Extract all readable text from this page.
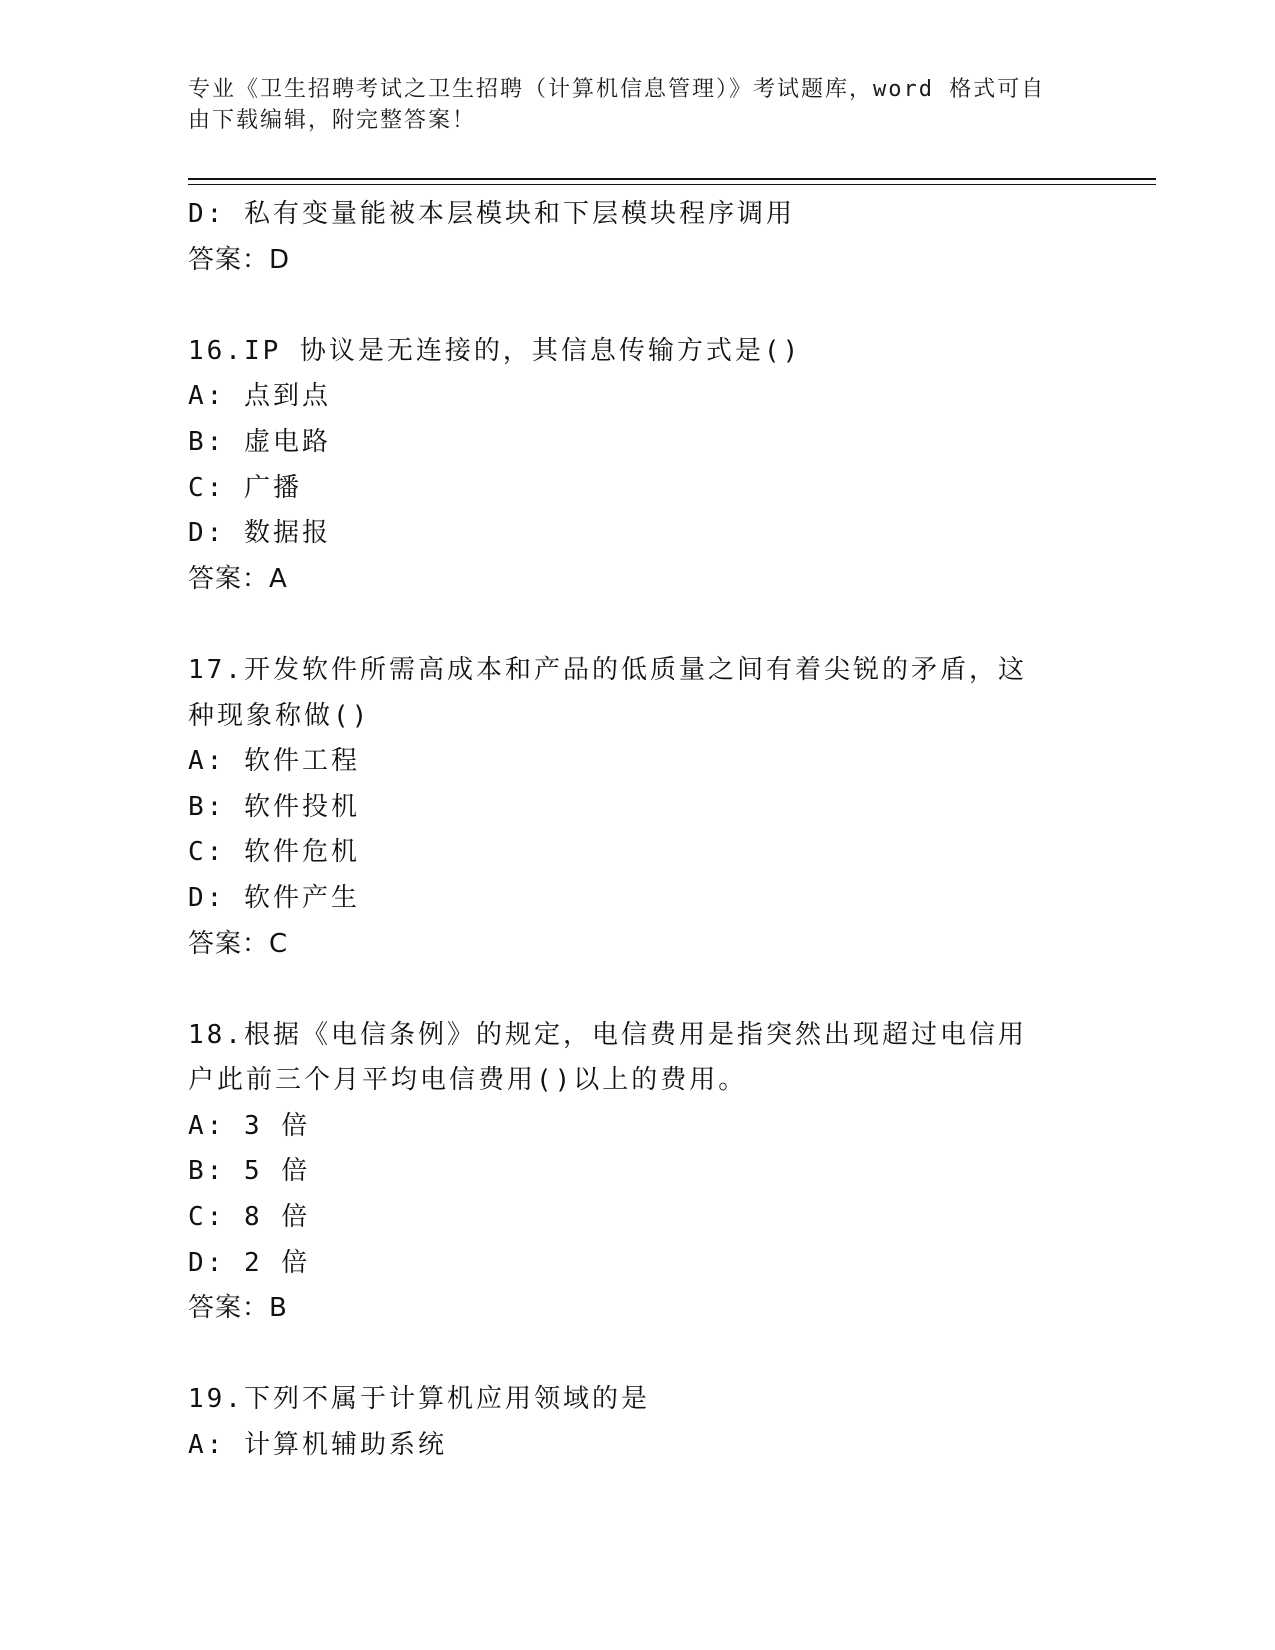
专业《卫生招聘考试之卫生招聘（计算机信息管理）》考试题库，word 格式可自由下载编辑，附完整答案！
D: 私有变量能被本层模块和下层模块程序调用
答案：D
16.IP 协议是无连接的，其信息传输方式是()
A: 点到点
B: 虚电路
C: 广播
D: 数据报
答案：A
17.开发软件所需高成本和产品的低质量之间有着尖锐的矛盾，这种现象称做()
A: 软件工程
B: 软件投机
C: 软件危机
D: 软件产生
答案：C
18.根据《电信条例》的规定，电信费用是指突然出现超过电信用户此前三个月平均电信费用()以上的费用。
A: 3 倍
B: 5 倍
C: 8 倍
D: 2 倍
答案：B
19.下列不属于计算机应用领域的是
A: 计算机辅助系统
